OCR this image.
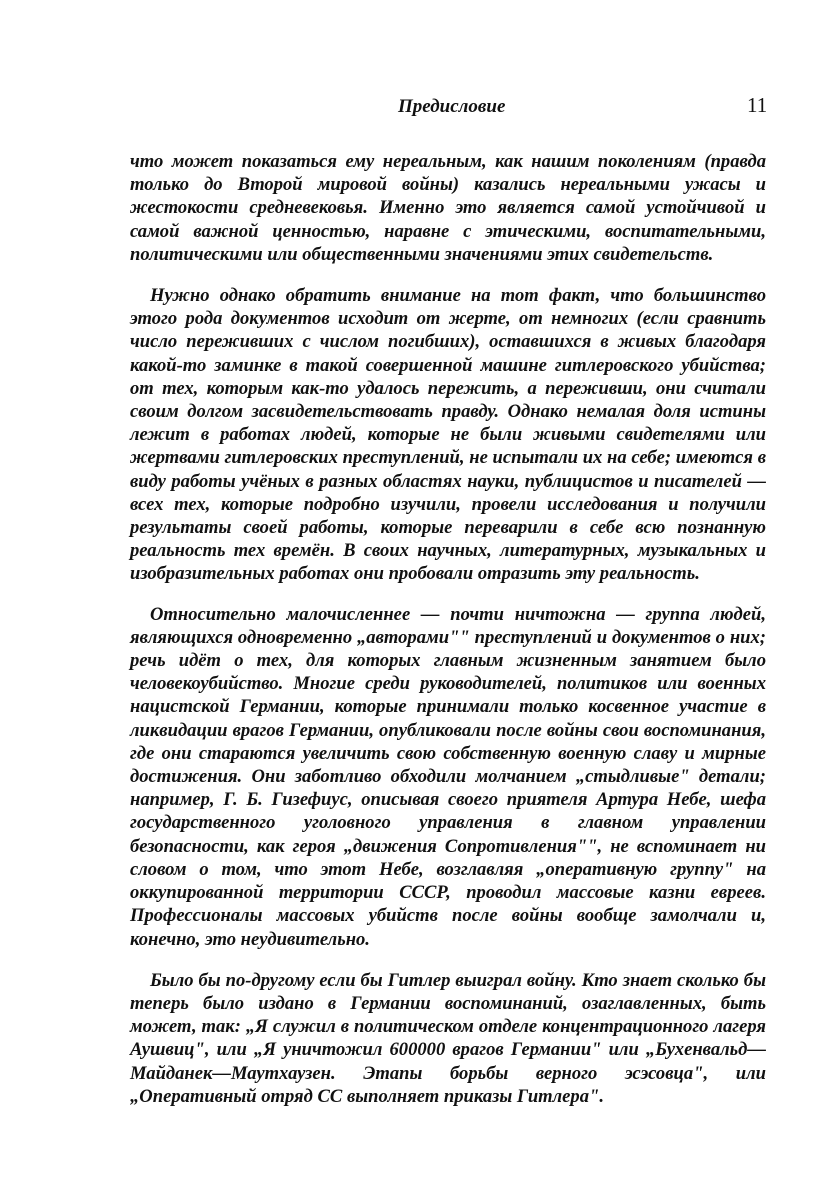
Предисловие	11

что может показаться ему нереальным, как нашим поколениям (правда только до Второй мировой войны) казались нереальными ужасы и жестокости средневековья. Именно это является самой устойчивой и самой важной ценностью, наравне с этическими, воспитательными, политическими или общественными значениями этих свидетельств.

Нужно однако обратить внимание на тот факт, что большинство этого рода документов исходит от жерте, от немногих (если сравнить число переживших с числом погибших), оставшихся в живых благодаря какой-то заминке в такой совершенной машине гитлеровского убийства; от тех, которым как-то удалось пережить, а переживши, они считали своим долгом засвидетельствовать правду. Однако немалая доля истины лежит в работах людей, которые не были живыми свидетелями или жертвами гитлеровских преступлений, не испытали их на себе; имеются в виду работы учёных в разных областях науки, публицистов и писателей — всех тех, которые подробно изучили, провели исследования и получили результаты своей работы, которые переварили в себе всю познанную реальность тех времён. В своих научных, литературных, музыкальных и изобразительных работах они пробовали отразить эту реальность.

Относительно малочисленнее — почти ничтожна — группа людей, являющихся одновременно „авторами"" преступлений и документов о них; речь идёт о тех, для которых главным жизненным занятием было человекоубийство. Многие среди руководителей, политиков или военных нацистской Германии, которые принимали только косвенное участие в ликвидации врагов Германии, опубликовали после войны свои воспоминания, где они стараются увеличить свою собственную военную славу и мирные достижения. Они заботливо обходили молчанием „стыдливые" детали; например, Г. Б. Гизефиус, описывая своего приятеля Артура Небе, шефа государственного уголовного управления в главном управлении безопасности, как героя „движения Сопротивления"", не вспоминает ни словом о том, что этот Небе, возглавляя „оперативную группу" на оккупированной территории СССР, проводил массовые казни евреев. Профессионалы массовых убийств после войны вообще замолчали и, конечно, это неудивительно.

Было бы по-другому если бы Гитлер выиграл войну. Кто знает сколько бы теперь было издано в Германии воспоминаний, озаглавленных, быть может, так: „Я служил в политическом отделе концентрационного лагеря Аушвиц", или „Я уничтожил 600000 врагов Германии" или „Бухенвальд—Майданек—Маутхаузен. Этапы борьбы верного эсэсовца", или „Оперативный отряд СС выполняет приказы Гитлера".
